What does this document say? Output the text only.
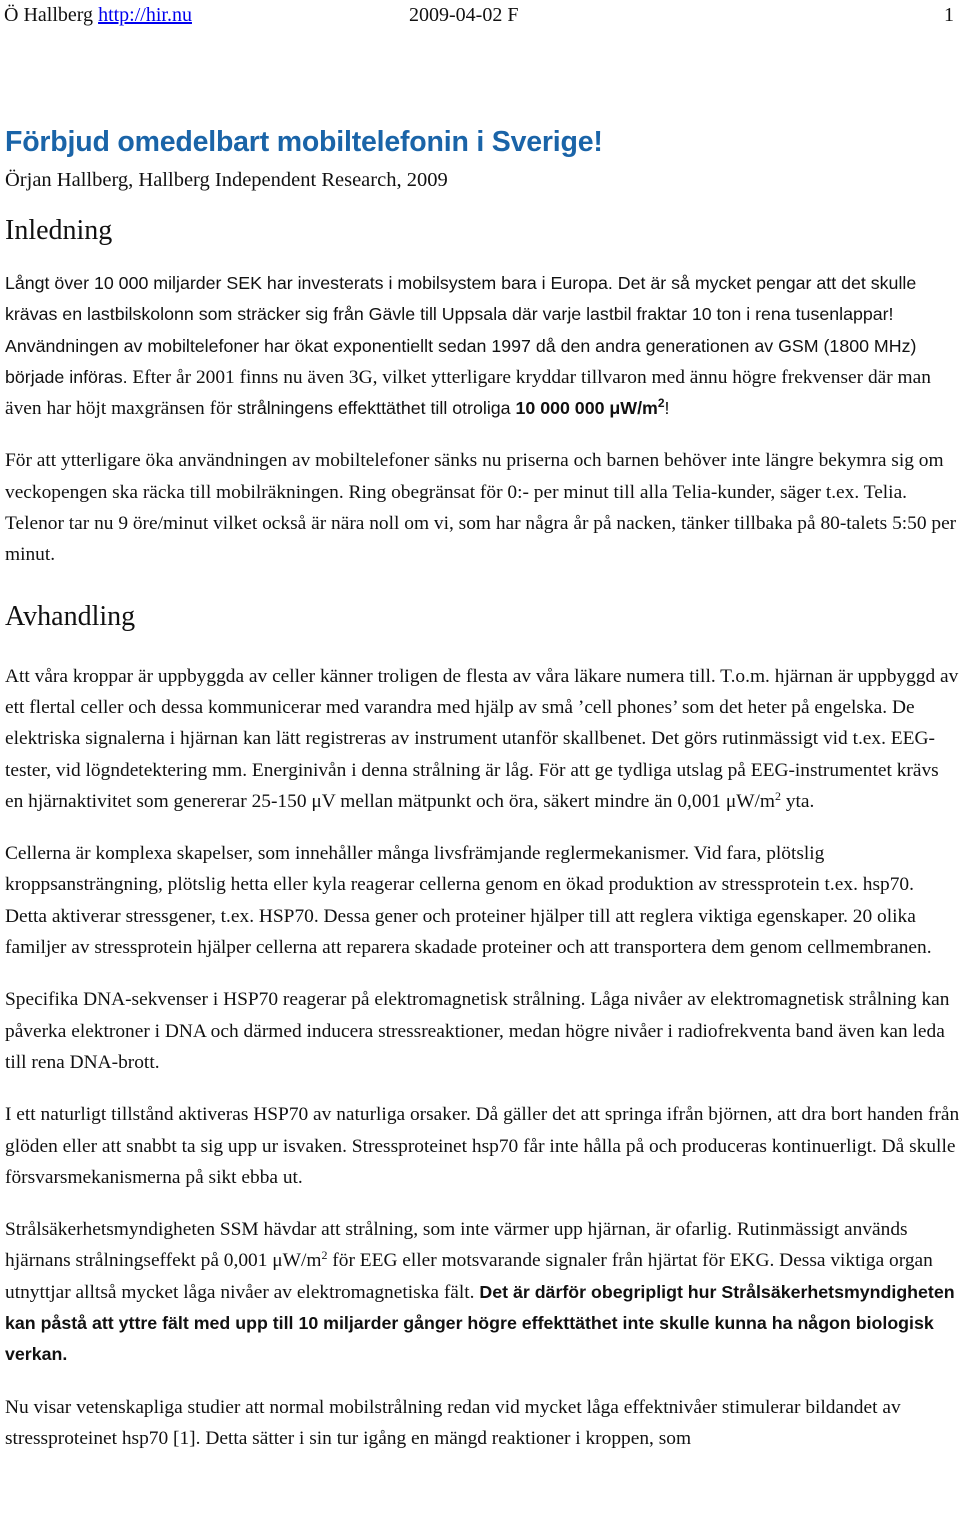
Ö Hallberg http://hir.nu	2009-04-02 F	1
Förbjud omedelbart mobiltelefonin i Sverige!
Örjan Hallberg, Hallberg Independent Research, 2009
Inledning

Långt över 10 000 miljarder SEK har investerats i mobilsystem bara i Europa. Det är så mycket pengar att det skulle krävas en lastbilskolonn som sträcker sig från Gävle till Uppsala där varje lastbil fraktar 10 ton i rena tusenlappar! Användningen av mobiltelefoner har ökat exponentiellt sedan 1997 då den andra generationen av GSM (1800 MHz) började införas. Efter år 2001 finns nu även 3G, vilket ytterligare kryddar tillvaron med ännu högre frekvenser där man även har höjt maxgränsen för strålningens effekttäthet till otroliga 10 000 000 $\mu W/m^2$!

För att ytterligare öka användningen av mobiltelefoner sänks nu priserna och barnen behöver inte längre bekymra sig om veckopengen ska räcka till mobilräkningen. Ring obegränsat för 0:- per minut till alla Telia-kunder, säger t.ex. Telia. Telenor tar nu 9 öre/minut vilket också är nära noll om vi, som har några år på nacken, tänker tillbaka på 80-talets 5:50 per minut.

Avhandling

Att våra kroppar är uppbyggda av celler känner troligen de flesta av våra läkare numera till. T.o.m. hjärnan är uppbyggd av ett flertal celler och dessa kommunicerar med varandra med hjälp av små ’cell phones’ som det heter på engelska. De elektriska signalerna i hjärnan kan lätt registreras av instrument utanför skallbenet. Det görs rutinmässigt vid t.ex. EEG-tester, vid lögndetektering mm. Energinivån i denna strålning är låg. För att ge tydliga utslag på EEG-instrumentet krävs en hjärnaktivitet som genererar 25-150 μV mellan mätpunkt och öra, säkert mindre än 0,001 $\mu W/m^2$ yta.

Cellerna är komplexa skapelser, som innehåller många livsfrämjande reglermekanismer. Vid fara, plötslig kroppsansträngning, plötslig hetta eller kyla reagerar cellerna genom en ökad produktion av stressprotein t.ex. hsp70. Detta aktiverar stressgener, t.ex. HSP70. Dessa gener och proteiner hjälper till att reglera viktiga egenskaper. 20 olika familjer av stressprotein hjälper cellerna att reparera skadade proteiner och att transportera dem genom cellmembranen.

Specifika DNA-sekvenser i HSP70 reagerar på elektromagnetisk strålning. Låga nivåer av elektromagnetisk strålning kan påverka elektroner i DNA och därmed inducera stressreaktioner, medan högre nivåer i radiofrekventa band även kan leda till rena DNA-brott.

I ett naturligt tillstånd aktiveras HSP70 av naturliga orsaker. Då gäller det att springa ifrån björnen, att dra bort handen från glöden eller att snabbt ta sig upp ur isvaken. Stressproteinet hsp70 får inte hålla på och produceras kontinuerligt. Då skulle försvarsmekanismerna på sikt ebba ut.

Strålsäkerhetsmyndigheten SSM hävdar att strålning, som inte värmer upp hjärnan, är ofarlig. Rutinmässigt används hjärnans strålningseffekt på 0,001 $\mu W/m^2$ för EEG eller motsvarande signaler från hjärtat för EKG. Dessa viktiga organ utnyttjar alltså mycket låga nivåer av elektromagnetiska fält. Det är därför obegripligt hur Strålsäkerhetsmyndigheten kan påstå att yttre fält med upp till 10 miljarder gånger högre effekttäthet inte skulle kunna ha någon biologisk verkan.

Nu visar vetenskapliga studier att normal mobilstrålning redan vid mycket låga effektnivåer stimulerar bildandet av stressproteinet hsp70 [1]. Detta sätter i sin tur igång en mängd reaktioner i kroppen, som
